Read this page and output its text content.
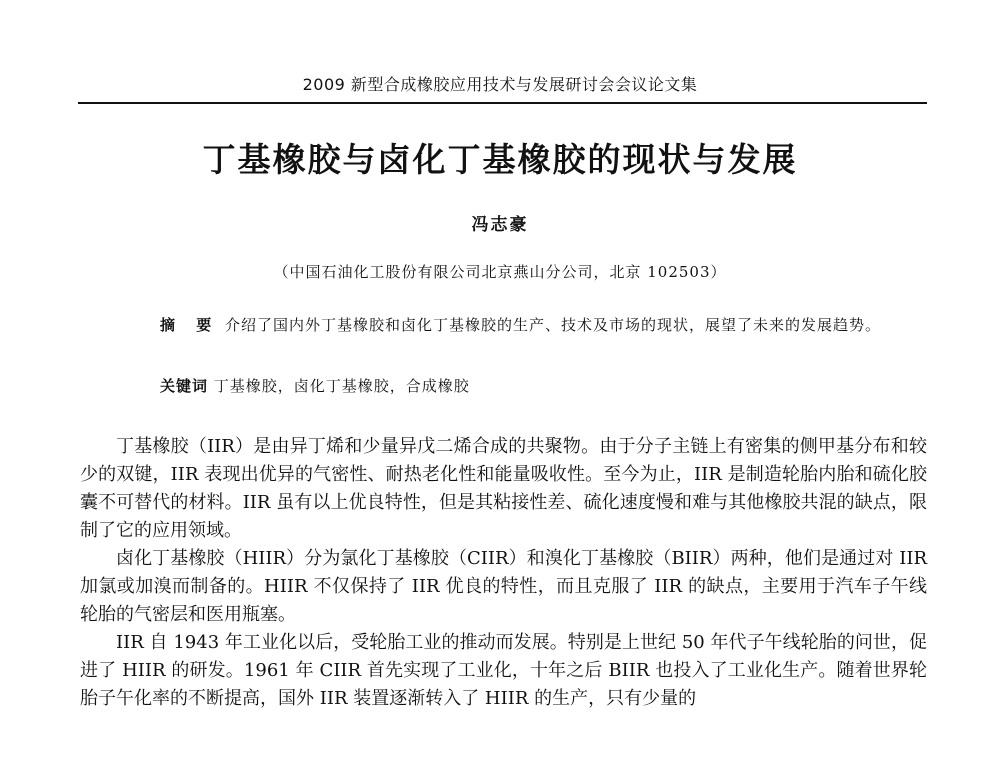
2009 新型合成橡胶应用技术与发展研讨会会议论文集
丁基橡胶与卤化丁基橡胶的现状与发展
冯志豪
（中国石油化工股份有限公司北京燕山分公司，北京 102503）
摘 要 介绍了国内外丁基橡胶和卤化丁基橡胶的生产、技术及市场的现状，展望了未来的发展趋势。
关键词 丁基橡胶，卤化丁基橡胶，合成橡胶

丁基橡胶（IIR）是由异丁烯和少量异戊二烯合成的共聚物。由于分子主链上有密集的侧甲基分布和较少的双键，IIR 表现出优异的气密性、耐热老化性和能量吸收性。至今为止，IIR 是制造轮胎内胎和硫化胶囊不可替代的材料。IIR 虽有以上优良特性，但是其粘接性差、硫化速度慢和难与其他橡胶共混的缺点，限制了它的应用领域。

卤化丁基橡胶（HIIR）分为氯化丁基橡胶（CIIR）和溴化丁基橡胶（BIIR）两种，他们是通过对 IIR 加氯或加溴而制备的。HIIR 不仅保持了 IIR 优良的特性，而且克服了 IIR 的缺点，主要用于汽车子午线轮胎的气密层和医用瓶塞。

IIR 自 1943 年工业化以后，受轮胎工业的推动而发展。特别是上世纪 50 年代子午线轮胎的问世，促进了 HIIR 的研发。1961 年 CIIR 首先实现了工业化，十年之后 BIIR 也投入了工业化生产。随着世界轮胎子午化率的不断提高，国外 IIR 装置逐渐转入了 HIIR 的生产，只有少量的
